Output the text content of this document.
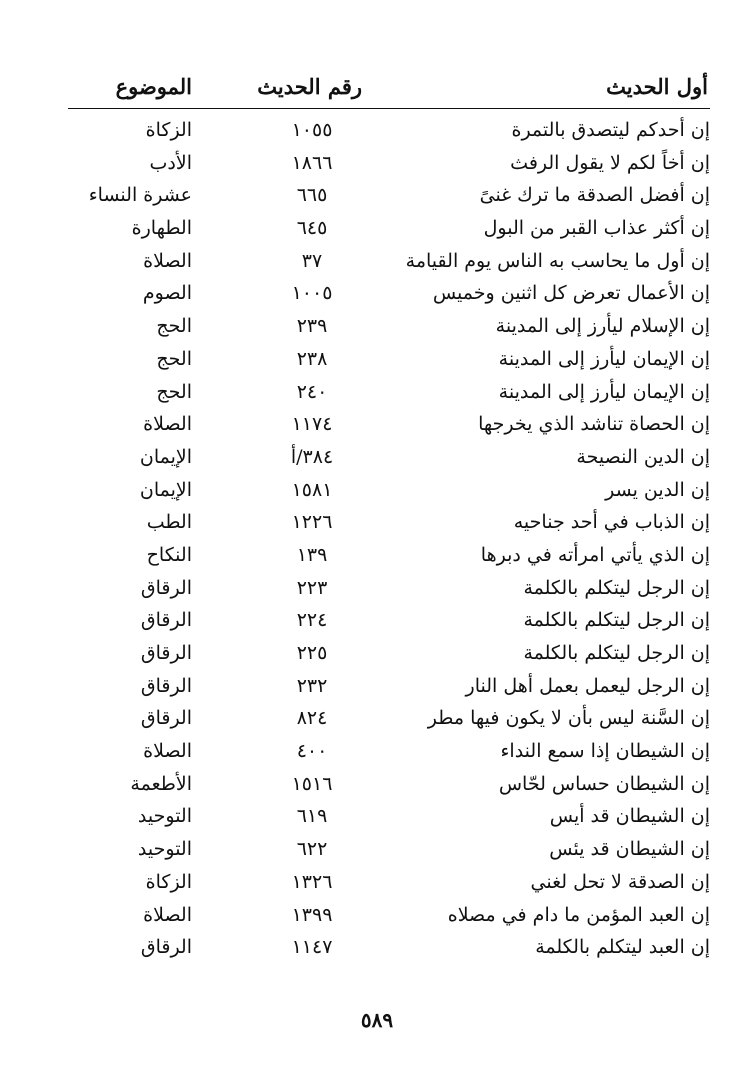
أول الحديث
رقم الحديث
الموضوع
إن أحدكم ليتصدق بالتمرة
١٠٥٥
الزكاة
إن أخاً لكم لا يقول الرفث
١٨٦٦
الأدب
إن أفضل الصدقة ما ترك غنىً
٦٦٥
عشرة النساء
إن أكثر عذاب القبر من البول
٦٤٥
الطهارة
إن أول ما يحاسب به الناس يوم القيامة
٣٧
الصلاة
إن الأعمال تعرض كل اثنين وخميس
١٠٠٥
الصوم
إن الإسلام ليأرز إلى المدينة
٢٣٩
الحج
إن الإيمان ليأرز إلى المدينة
٢٣٨
الحج
إن الإيمان ليأرز إلى المدينة
٢٤٠
الحج
إن الحصاة تناشد الذي يخرجها
١١٧٤
الصلاة
إن الدين النصيحة
٣٨٤/أ
الإيمان
إن الدين يسر
١٥٨١
الإيمان
إن الذباب في أحد جناحيه
١٢٢٦
الطب
إن الذي يأتي امرأته في دبرها
١٣٩
النكاح
إن الرجل ليتكلم بالكلمة
٢٢٣
الرقاق
إن الرجل ليتكلم بالكلمة
٢٢٤
الرقاق
إن الرجل ليتكلم بالكلمة
٢٢٥
الرقاق
إن الرجل ليعمل بعمل أهل النار
٢٣٢
الرقاق
إن السَّنة ليس بأن لا يكون فيها مطر
٨٢٤
الرقاق
إن الشيطان إذا سمع النداء
٤٠٠
الصلاة
إن الشيطان حساس لحّاس
١٥١٦
الأطعمة
إن الشيطان قد أيس
٦١٩
التوحيد
إن الشيطان قد يئس
٦٢٢
التوحيد
إن الصدقة لا تحل لغني
١٣٢٦
الزكاة
إن العبد المؤمن ما دام في مصلاه
١٣٩٩
الصلاة
إن العبد ليتكلم بالكلمة
١١٤٧
الرقاق
٥٨٩
